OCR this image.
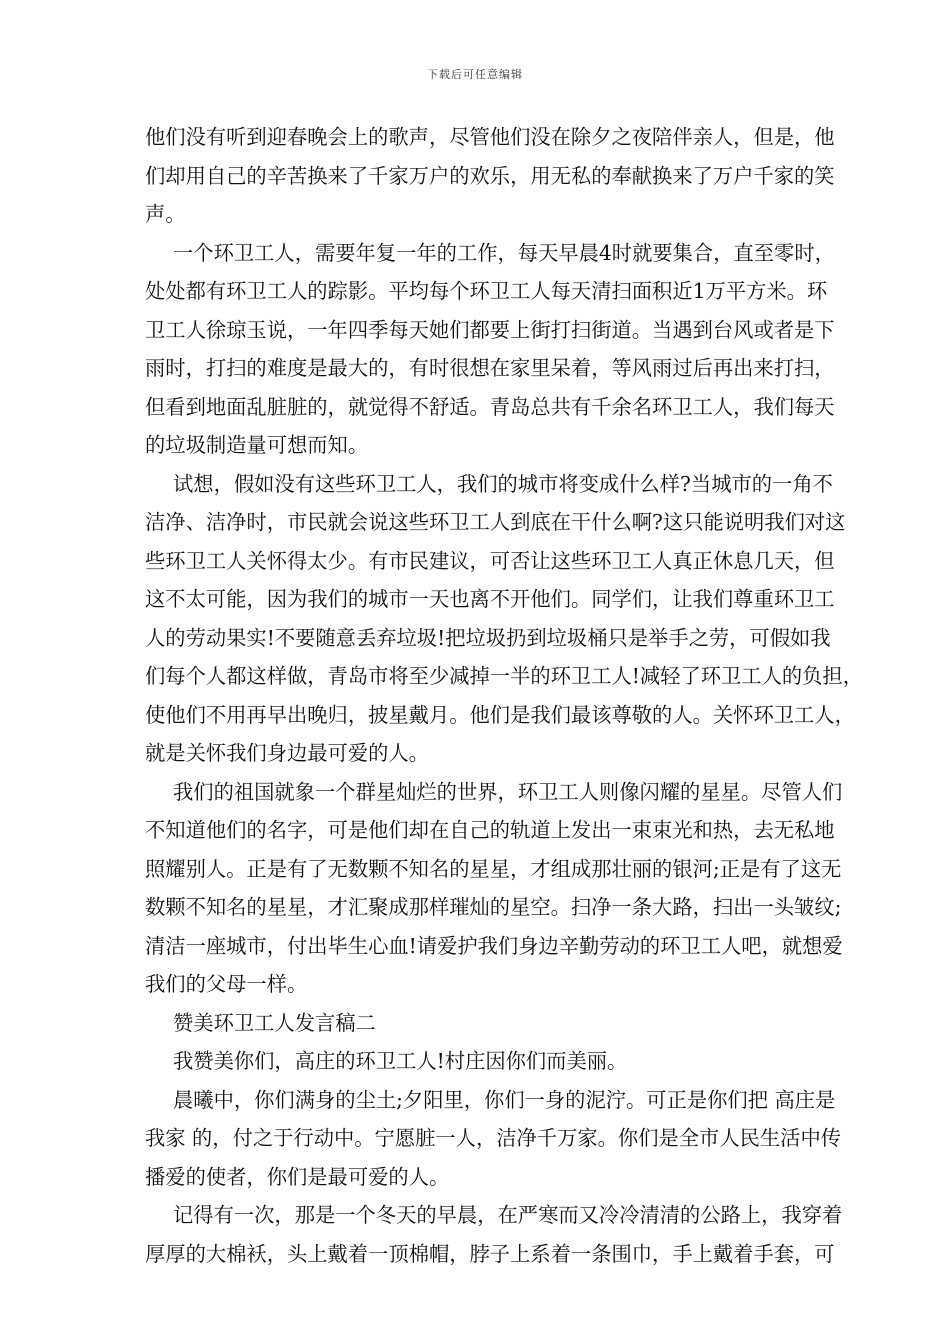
下载后可任意编辑
他们没有听到迎春晚会上的歌声，尽管他们没在除夕之夜陪伴亲人，但是，他
们却用自己的辛苦换来了千家万户的欢乐，用无私的奉献换来了万户千家的笑
声。
一个环卫工人，需要年复一年的工作，每天早晨4时就要集合，直至零时，
处处都有环卫工人的踪影。平均每个环卫工人每天清扫面积近1万平方米。环
卫工人徐琼玉说，一年四季每天她们都要上街打扫街道。当遇到台风或者是下
雨时，打扫的难度是最大的，有时很想在家里呆着，等风雨过后再出来打扫，
但看到地面乱脏脏的，就觉得不舒适。青岛总共有千余名环卫工人，我们每天
的垃圾制造量可想而知。
试想，假如没有这些环卫工人，我们的城市将变成什么样?当城市的一角不
洁净、洁净时，市民就会说这些环卫工人到底在干什么啊?这只能说明我们对这
些环卫工人关怀得太少。有市民建议，可否让这些环卫工人真正休息几天，但
这不太可能，因为我们的城市一天也离不开他们。同学们，让我们尊重环卫工
人的劳动果实!不要随意丢弃垃圾!把垃圾扔到垃圾桶只是举手之劳，可假如我
们每个人都这样做，青岛市将至少减掉一半的环卫工人!减轻了环卫工人的负担，
使他们不用再早出晚归，披星戴月。他们是我们最该尊敬的人。关怀环卫工人，
就是关怀我们身边最可爱的人。
我们的祖国就象一个群星灿烂的世界，环卫工人则像闪耀的星星。尽管人们
不知道他们的名字，可是他们却在自己的轨道上发出一束束光和热，去无私地
照耀别人。正是有了无数颗不知名的星星，才组成那壮丽的银河;正是有了这无
数颗不知名的星星，才汇聚成那样璀灿的星空。扫净一条大路，扫出一头皱纹;
清洁一座城市，付出毕生心血!请爱护我们身边辛勤劳动的环卫工人吧，就想爱
我们的父母一样。
赞美环卫工人发言稿二
我赞美你们，高庄的环卫工人!村庄因你们而美丽。
晨曦中，你们满身的尘土;夕阳里，你们一身的泥泞。可正是你们把 高庄是
我家 的，付之于行动中。宁愿脏一人，洁净千万家。你们是全市人民生活中传
播爱的使者，你们是最可爱的人。
记得有一次，那是一个冬天的早晨，在严寒而又冷冷清清的公路上，我穿着
厚厚的大棉袄，头上戴着一顶棉帽，脖子上系着一条围巾，手上戴着手套，可
